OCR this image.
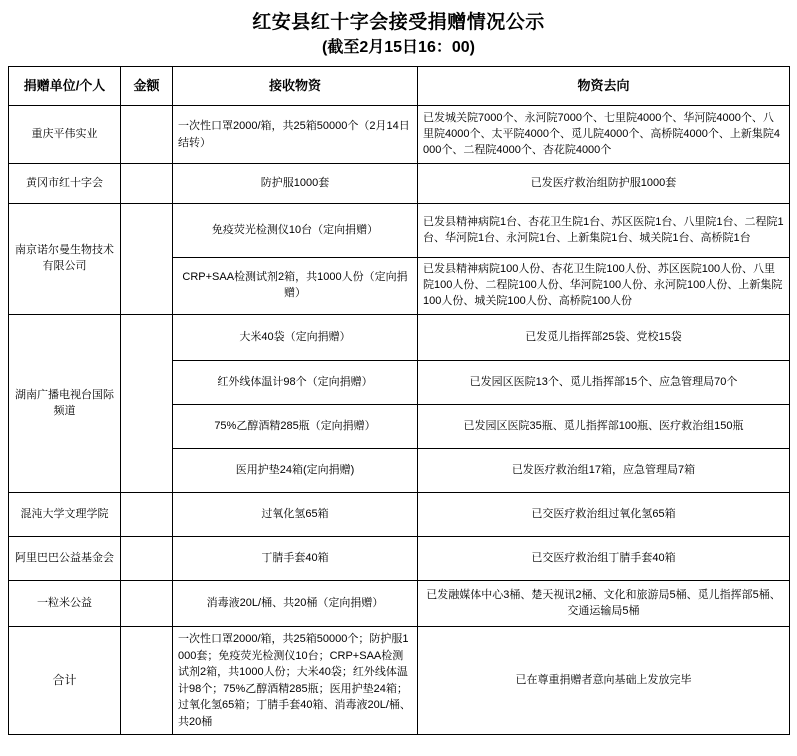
红安县红十字会接受捐赠情况公示
(截至2月15日16：00)
捐赠单位/个人	金额	接收物资	物资去向
重庆平伟实业		一次性口罩2000/箱，共25箱50000个（2月14日结转）	已发城关院7000个、永河院7000个、七里院4000个、华河院4000个、八里院4000个、太平院4000个、觅儿院4000个、高桥院4000个、上新集院4000个、二程院4000个、杏花院4000个
黄冈市红十字会		防护服1000套	已发医疗救治组防护服1000套
南京诺尔曼生物技术有限公司		免疫荧光检测仪10台（定向捐赠）	已发县精神病院1台、杏花卫生院1台、苏区医院1台、八里院1台、二程院1台、华河院1台、永河院1台、上新集院1台、城关院1台、高桥院1台
		CRP+SAA检测试剂2箱，共1000人份（定向捐赠）	已发县精神病院100人份、杏花卫生院100人份、苏区医院100人份、八里院100人份、二程院100人份、华河院100人份、永河院100人份、上新集院100人份、城关院100人份、高桥院100人份
湖南广播电视台国际频道		大米40袋（定向捐赠）	已发觅儿指挥部25袋、党校15袋
		红外线体温计98个（定向捐赠）	已发园区医院13个、觅儿指挥部15个、应急管理局70个
		75%乙醇酒精285瓶（定向捐赠）	已发园区医院35瓶、觅儿指挥部100瓶、医疗救治组150瓶
		医用护垫24箱(定向捐赠)	已发医疗救治组17箱，应急管理局7箱
混沌大学文理学院		过氧化氢65箱	已交医疗救治组过氧化氢65箱
阿里巴巴公益基金会		丁腈手套40箱	已交医疗救治组丁腈手套40箱
一粒米公益		消毒液20L/桶、共20桶（定向捐赠）	已发融媒体中心3桶、楚天视讯2桶、文化和旅游局5桶、觅儿指挥部5桶、交通运输局5桶
合计		一次性口罩2000/箱，共25箱50000个；防护服1000套；免疫荧光检测仪10台；CRP+SAA检测试剂2箱，共1000人份；大米40袋；红外线体温计98个；75%乙醇酒精285瓶；医用护垫24箱；过氧化氢65箱；丁腈手套40箱、消毒液20L/桶、共20桶	已在尊重捐赠者意向基础上发放完毕
